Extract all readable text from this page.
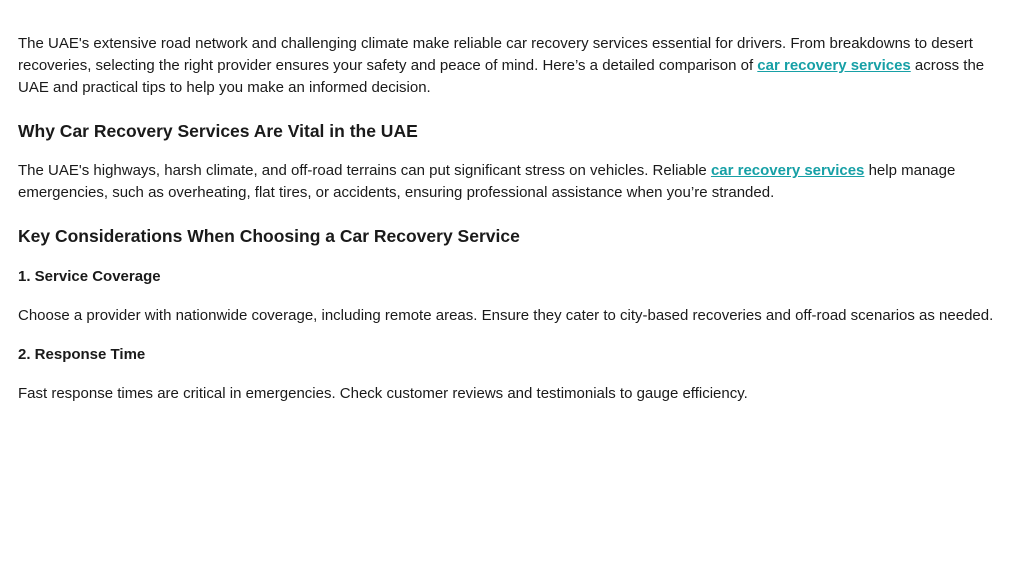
The UAE's extensive road network and challenging climate make reliable car recovery services essential for drivers. From breakdowns to desert recoveries, selecting the right provider ensures your safety and peace of mind. Here’s a detailed comparison of car recovery services across the UAE and practical tips to help you make an informed decision.

Why Car Recovery Services Are Vital in the UAE

The UAE's highways, harsh climate, and off-road terrains can put significant stress on vehicles. Reliable car recovery services help manage emergencies, such as overheating, flat tires, or accidents, ensuring professional assistance when you’re stranded.

Key Considerations When Choosing a Car Recovery Service
1. Service Coverage

Choose a provider with nationwide coverage, including remote areas. Ensure they cater to city-based recoveries and off-road scenarios as needed.

2. Response Time

Fast response times are critical in emergencies. Check customer reviews and testimonials to gauge efficiency.
